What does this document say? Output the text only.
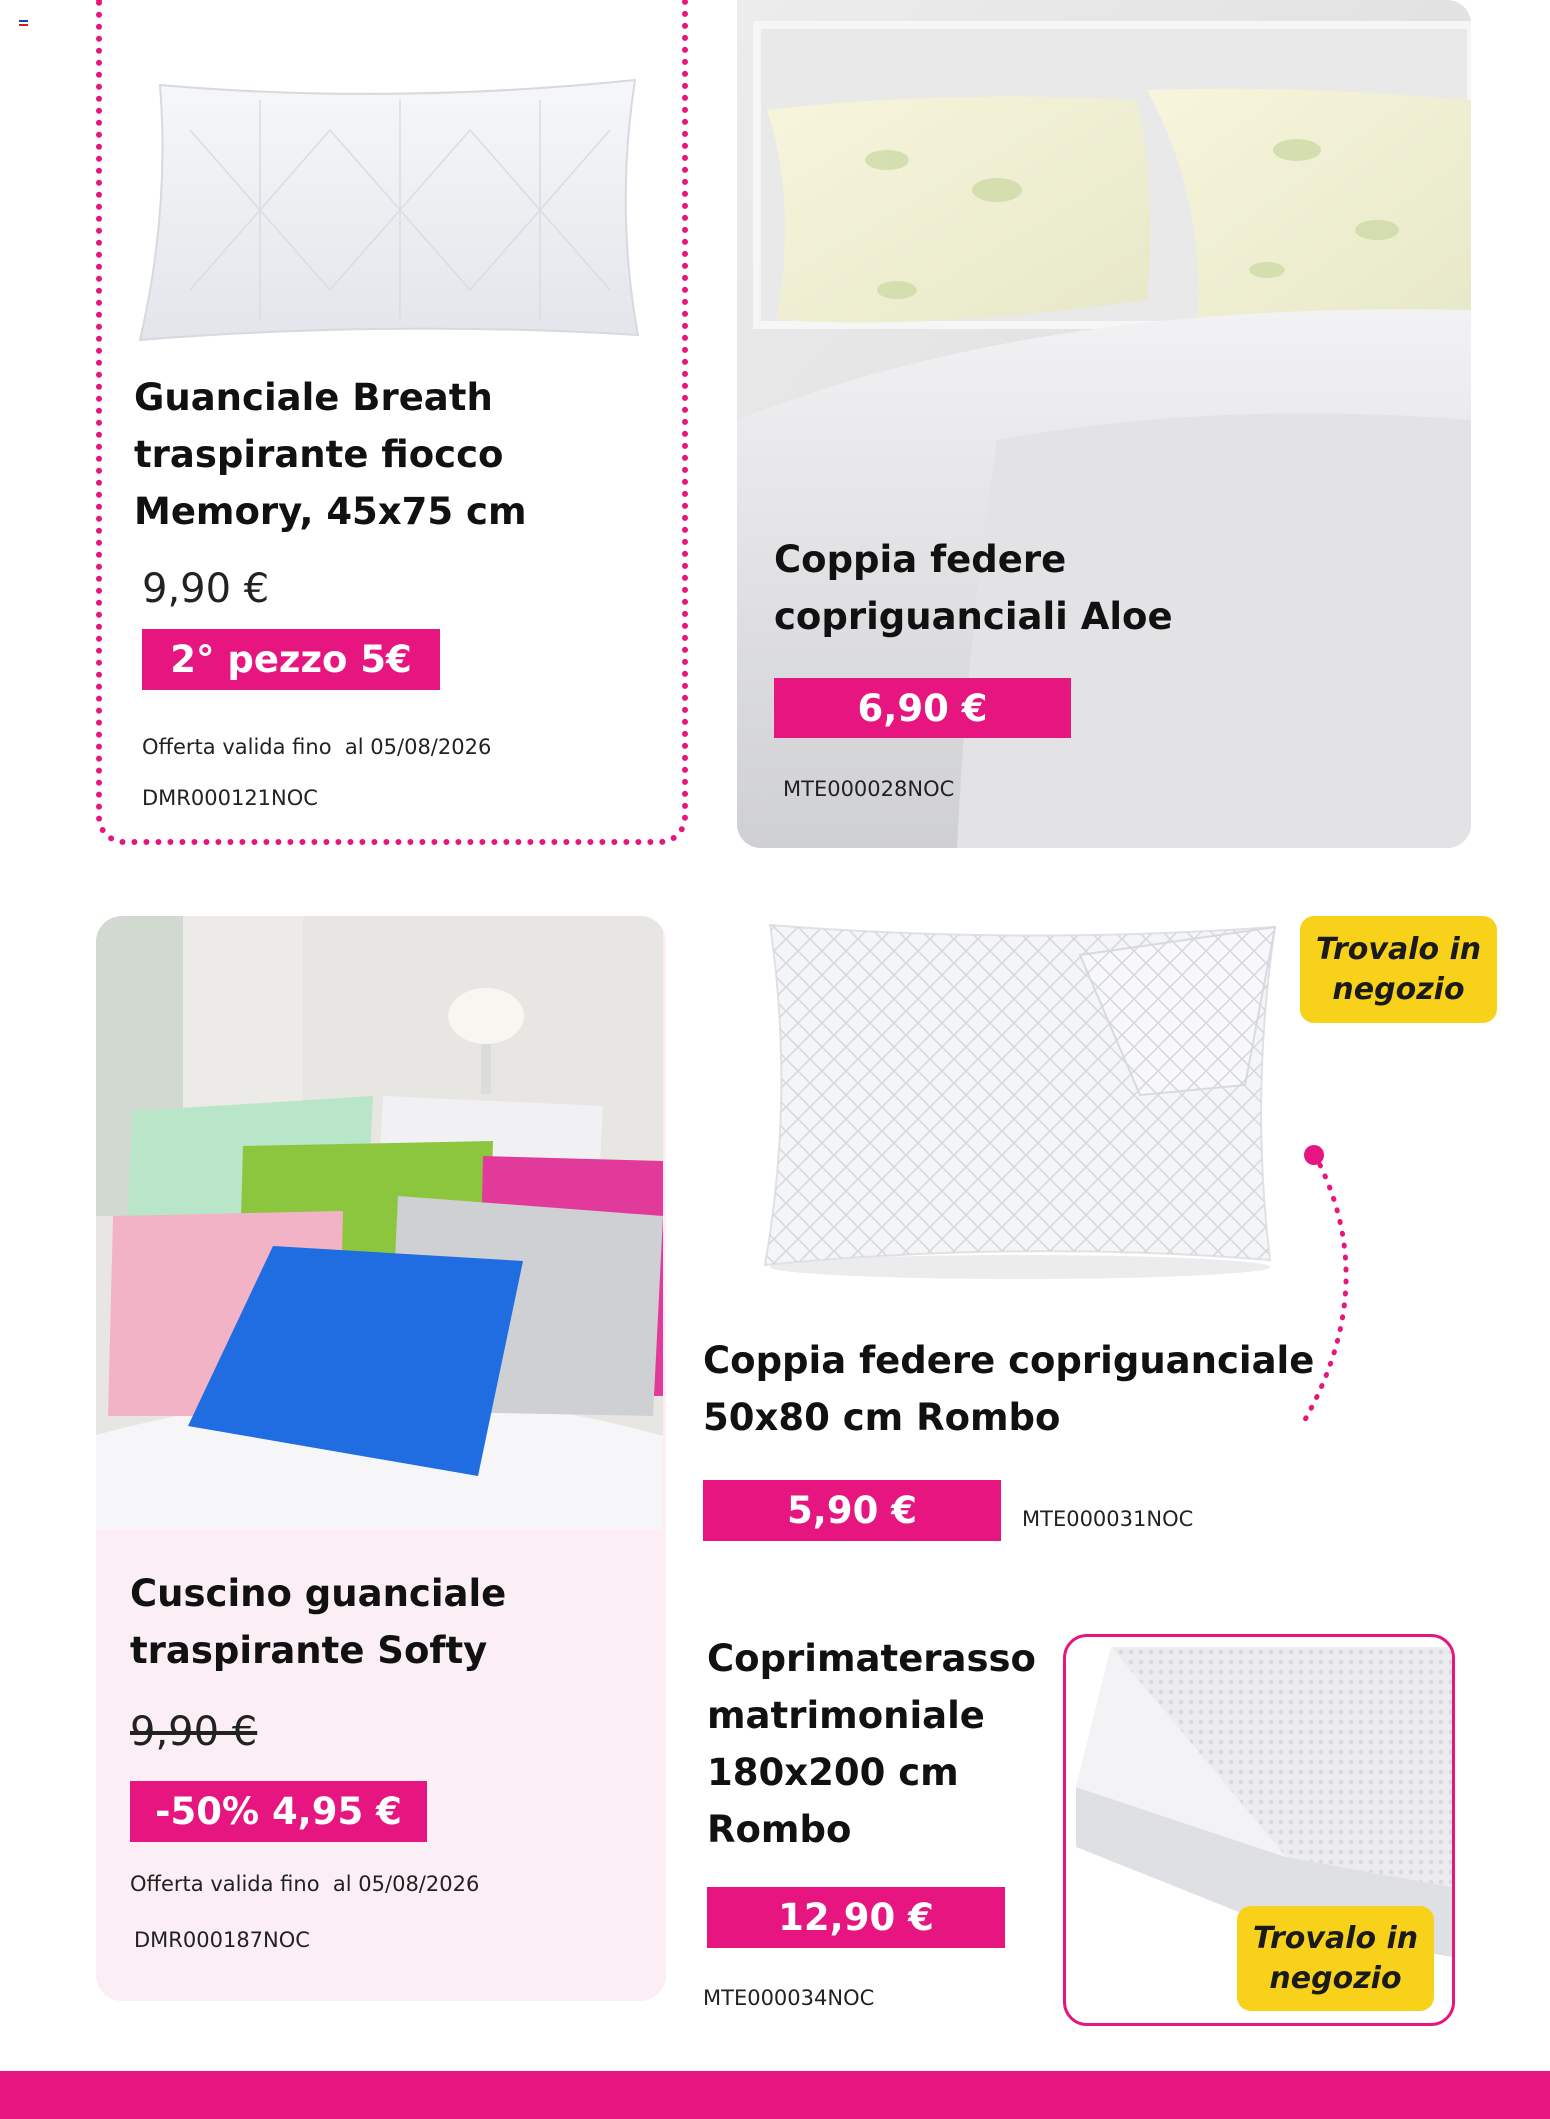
Guanciale Breath traspirante fiocco Memory, 45x75 cm
9,90 €
2° pezzo 5€
Offerta valida fino  al 05/08/2026
DMR000121NOC
Coppia federe copriguanciali Aloe
6,90 €
MTE000028NOC
Cuscino guanciale traspirante Softy
9,90 €
-50% 4,95 €
Offerta valida fino  al 05/08/2026
DMR000187NOC
Trovalo in negozio
Coppia federe copriguanciale 50x80 cm Rombo
5,90 €	MTE000031NOC
Coprimaterasso matrimoniale 180x200 cm Rombo
12,90 €
MTE000034NOC
Trovalo in negozio
